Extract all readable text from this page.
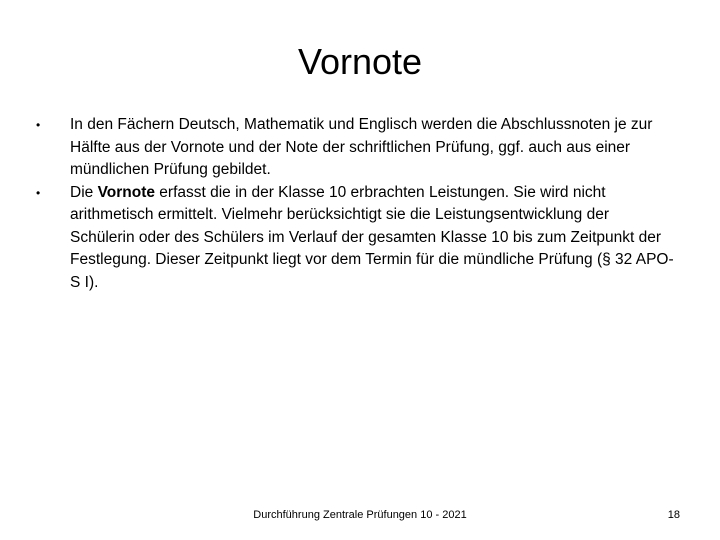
Vornote
•	In den Fächern Deutsch, Mathematik und Englisch werden die Abschlussnoten je zur Hälfte aus der Vornote und der Note der schriftlichen Prüfung, ggf. auch aus einer mündlichen Prüfung gebildet.
•	Die Vornote erfasst die in der Klasse 10 erbrachten Leistungen. Sie wird nicht arithmetisch ermittelt. Vielmehr berücksichtigt sie die Leistungsentwicklung der Schülerin oder des Schülers im Verlauf der gesamten Klasse 10 bis zum Zeitpunkt der Festlegung. Dieser Zeitpunkt liegt vor dem Termin für die mündliche Prüfung (§ 32 APO-S I).
Durchführung Zentrale Prüfungen 10 - 2021	18
